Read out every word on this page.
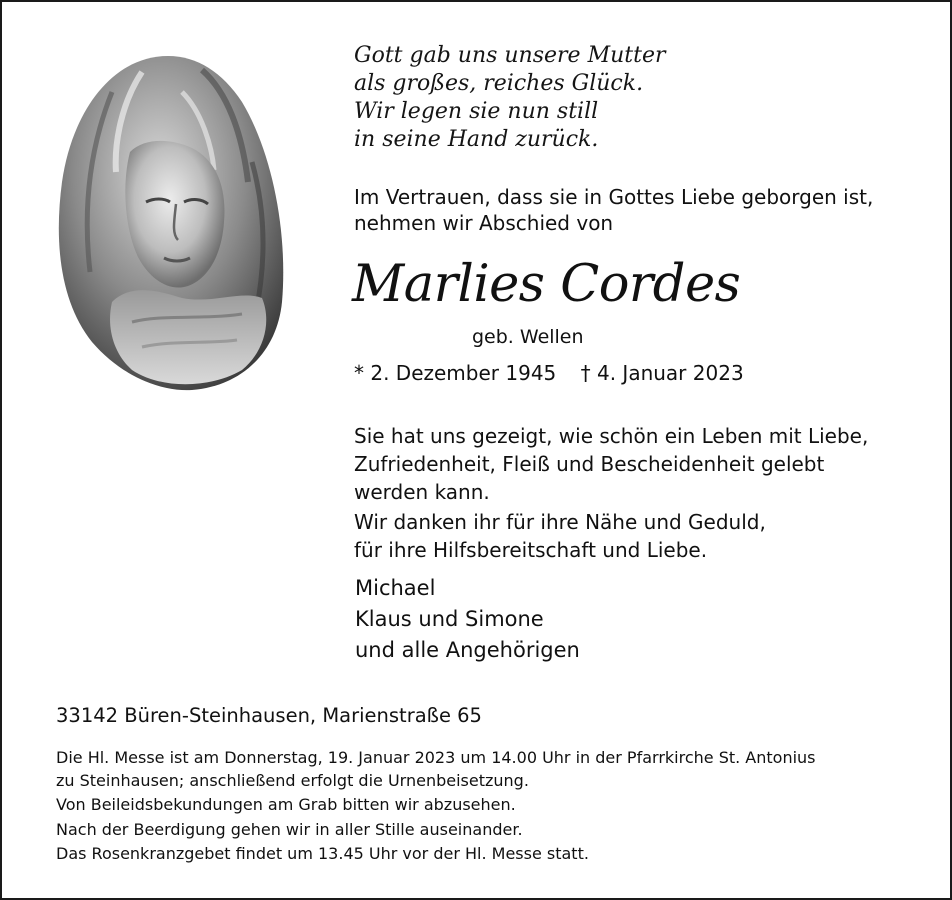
Gott gab uns unsere Mutter
als großes, reiches Glück.
Wir legen sie nun still
in seine Hand zurück.
Im Vertrauen, dass sie in Gottes Liebe geborgen ist,
nehmen wir Abschied von
Marlies Cordes
geb. Wellen
* 2. Dezember 1945 † 4. Januar 2023
Sie hat uns gezeigt, wie schön ein Leben mit Liebe,
Zufriedenheit, Fleiß und Bescheidenheit gelebt
werden kann.
Wir danken ihr für ihre Nähe und Geduld,
für ihre Hilfsbereitschaft und Liebe.
Michael
Klaus und Simone
und alle Angehörigen
33142 Büren-Steinhausen, Marienstraße 65
Die Hl. Messe ist am Donnerstag, 19. Januar 2023 um 14.00 Uhr in der Pfarrkirche St. Antonius
zu Steinhausen; anschließend erfolgt die Urnenbeisetzung.
Von Beileidsbekundungen am Grab bitten wir abzusehen.
Nach der Beerdigung gehen wir in aller Stille auseinander.
Das Rosenkranzgebet findet um 13.45 Uhr vor der Hl. Messe statt.
